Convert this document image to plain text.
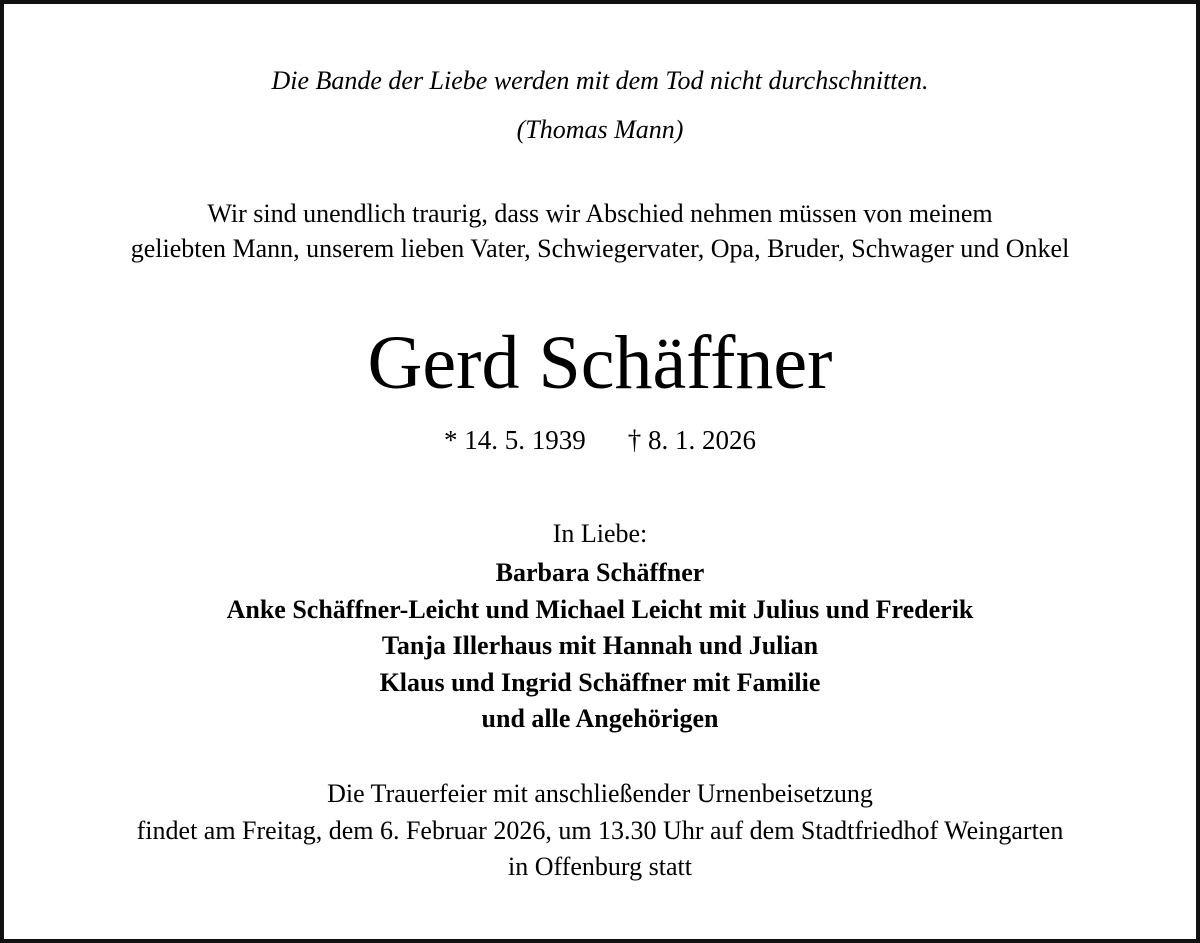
Die Bande der Liebe werden mit dem Tod nicht durchschnitten.

(Thomas Mann)

Wir sind unendlich traurig, dass wir Abschied nehmen müssen von meinem

geliebten Mann, unserem lieben Vater, Schwiegervater, Opa, Bruder, Schwager und Onkel

Gerd Schäffner
* 14. 5. 1939 † 8. 1. 2026

In Liebe:

Barbara Schäffner

Anke Schäffner-Leicht und Michael Leicht mit Julius und Frederik

Tanja Illerhaus mit Hannah und Julian

Klaus und Ingrid Schäffner mit Familie

und alle Angehörigen

Die Trauerfeier mit anschließender Urnenbeisetzung

findet am Freitag, dem 6. Februar 2026, um 13.30 Uhr auf dem Stadtfriedhof Weingarten

in Offenburg statt
